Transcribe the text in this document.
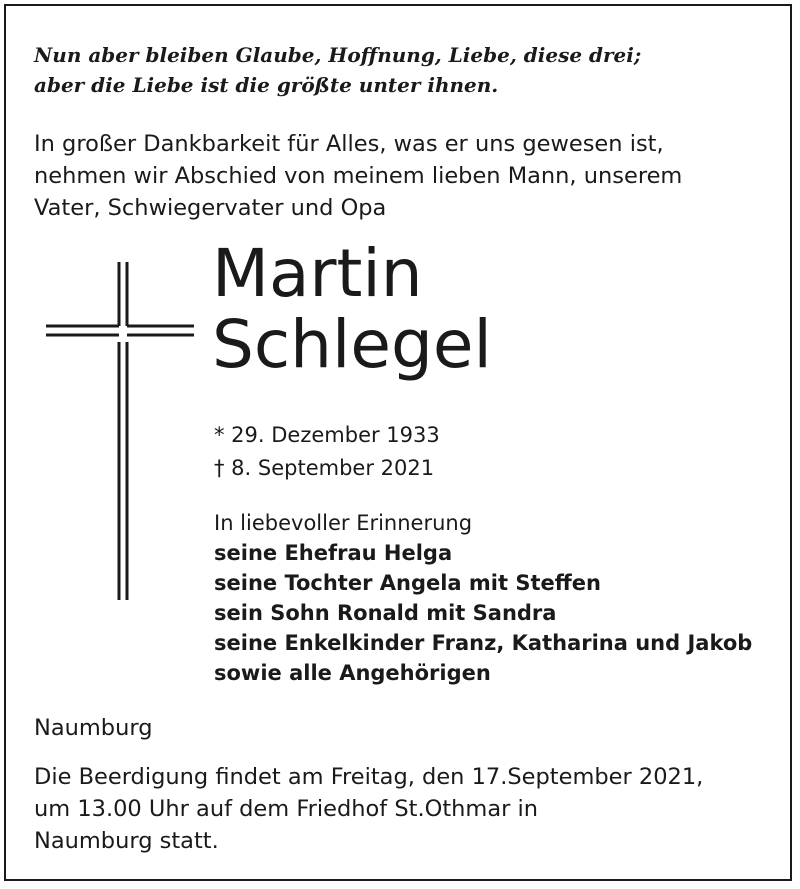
Nun aber bleiben Glaube, Hoffnung, Liebe, diese drei;
aber die Liebe ist die größte unter ihnen.

In großer Dankbarkeit für Alles, was er uns gewesen ist,
nehmen wir Abschied von meinem lieben Mann, unserem
Vater, Schwiegervater und Opa

Martin
Schlegel

* 29. Dezember 1933
† 8. September 2021

In liebevoller Erinnerung
seine Ehefrau Helga
seine Tochter Angela mit Steffen
sein Sohn Ronald mit Sandra
seine Enkelkinder Franz, Katharina und Jakob
sowie alle Angehörigen

Naumburg

Die Beerdigung findet am Freitag, den 17.September 2021,
um 13.00 Uhr auf dem Friedhof St.Othmar in
Naumburg statt.
